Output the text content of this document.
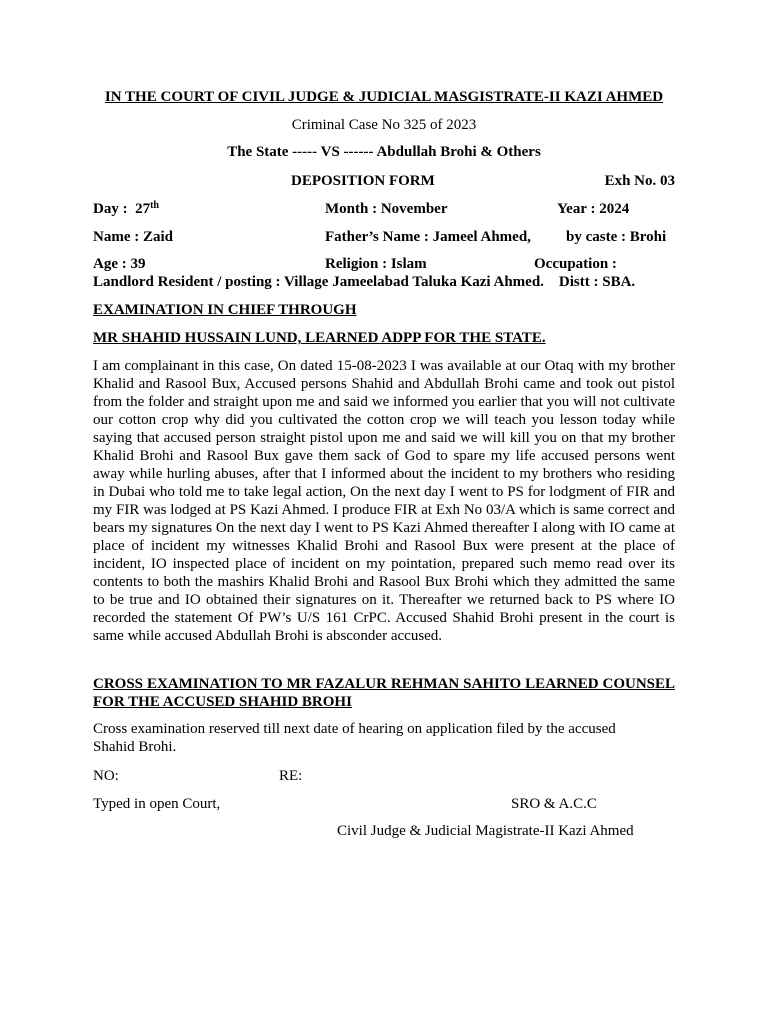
IN THE COURT OF CIVIL JUDGE & JUDICIAL MASGISTRATE-II KAZI AHMED
Criminal Case No 325 of 2023
The State ----- VS ------ Abdullah Brohi & Others
DEPOSITION FORM	Exh No. 03
Day : 27th	Month : November	Year : 2024
Name : Zaid	Father’s Name : Jameel Ahmed, by caste : Brohi
Age : 39	Religion : Islam	Occupation :
Landlord Resident / posting : Village Jameelabad Taluka Kazi Ahmed. Distt : SBA.
EXAMINATION IN CHIEF THROUGH
MR SHAHID HUSSAIN LUND, LEARNED ADPP FOR THE STATE.
I am complainant in this case, On dated 15-08-2023 I was available at our Otaq with my brother Khalid and Rasool Bux, Accused persons Shahid and Abdullah Brohi came and took out pistol from the folder and straight upon me and said we informed you earlier that you will not cultivate our cotton crop why did you cultivated the cotton crop we will teach you lesson today while saying that accused person straight pistol upon me and said we will kill you on that my brother Khalid Brohi and Rasool Bux gave them sack of God to spare my life accused persons went away while hurling abuses, after that I informed about the incident to my brothers who residing in Dubai who told me to take legal action, On the next day I went to PS for lodgment of FIR and my FIR was lodged at PS Kazi Ahmed. I produce FIR at Exh No 03/A which is same correct and bears my signatures On the next day I went to PS Kazi Ahmed thereafter I along with IO came at place of incident my witnesses Khalid Brohi and Rasool Bux were present at the place of incident, IO inspected place of incident on my pointation, prepared such memo read over its contents to both the mashirs Khalid Brohi and Rasool Bux Brohi which they admitted the same to be true and IO obtained their signatures on it. Thereafter we returned back to PS where IO recorded the statement Of PW’s U/S 161 CrPC. Accused Shahid Brohi present in the court is same while accused Abdullah Brohi is absconder accused.
CROSS EXAMINATION TO MR FAZALUR REHMAN SAHITO LEARNED COUNSEL FOR THE ACCUSED SHAHID BROHI
Cross examination reserved till next date of hearing on application filed by the accused
Shahid Brohi.
NO:	RE:
Typed in open Court,	SRO & A.C.C
Civil Judge & Judicial Magistrate-II Kazi Ahmed
